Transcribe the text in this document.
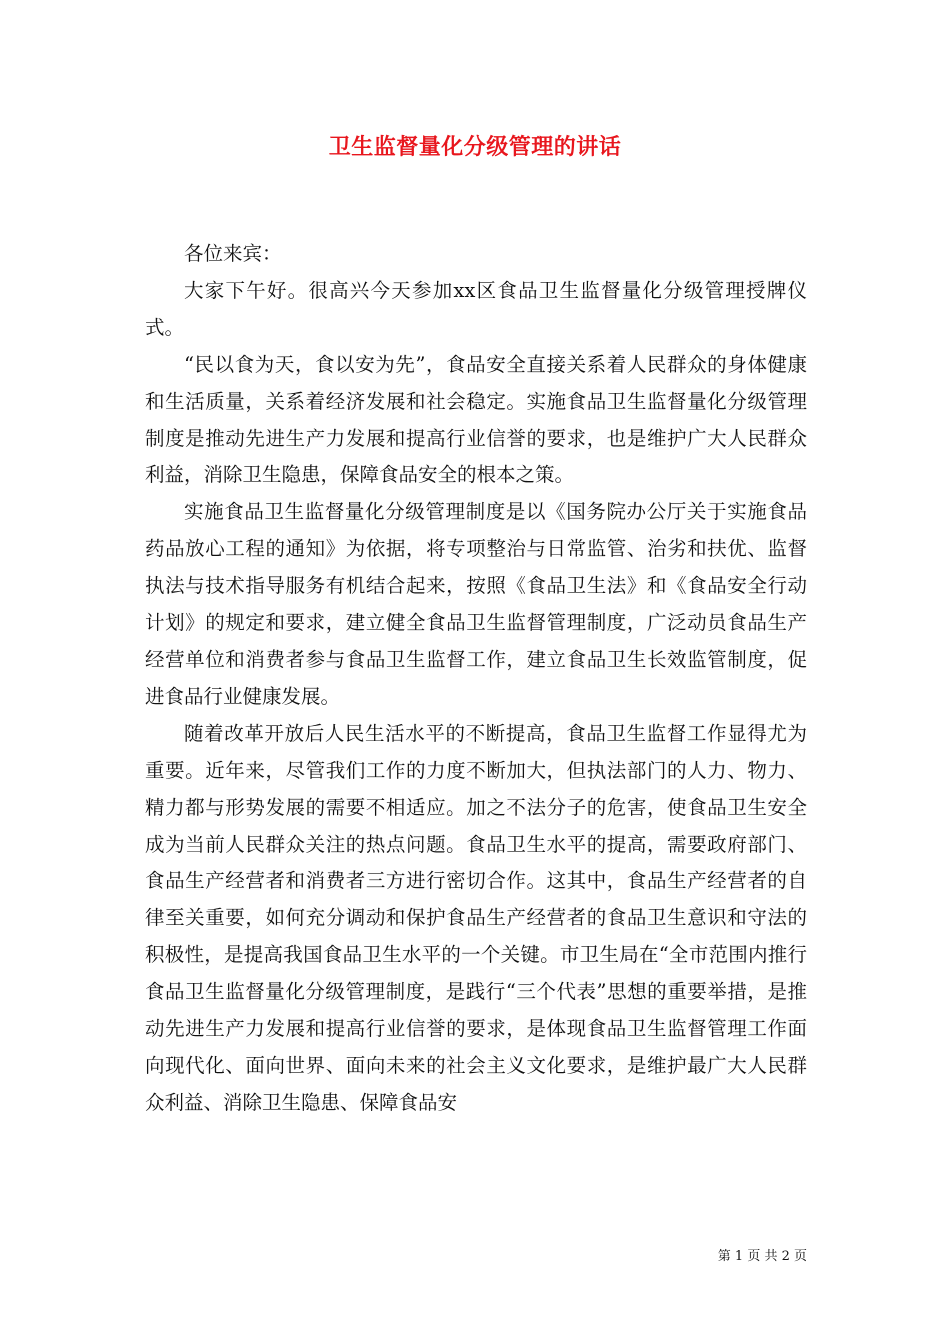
卫生监督量化分级管理的讲话

各位来宾：

大家下午好。很高兴今天参加xx区食品卫生监督量化分级管理授牌仪式。

“民以食为天，食以安为先”，食品安全直接关系着人民群众的身体健康和生活质量，关系着经济发展和社会稳定。实施食品卫生监督量化分级管理制度是推动先进生产力发展和提高行业信誉的要求，也是维护广大人民群众利益，消除卫生隐患，保障食品安全的根本之策。

实施食品卫生监督量化分级管理制度是以《国务院办公厅关于实施食品药品放心工程的通知》为依据，将专项整治与日常监管、治劣和扶优、监督执法与技术指导服务有机结合起来，按照《食品卫生法》和《食品安全行动计划》的规定和要求，建立健全食品卫生监督管理制度，广泛动员食品生产经营单位和消费者参与食品卫生监督工作，建立食品卫生长效监管制度，促进食品行业健康发展。

随着改革开放后人民生活水平的不断提高，食品卫生监督工作显得尤为重要。近年来，尽管我们工作的力度不断加大，但执法部门的人力、物力、精力都与形势发展的需要不相适应。加之不法分子的危害，使食品卫生安全成为当前人民群众关注的热点问题。食品卫生水平的提高，需要政府部门、食品生产经营者和消费者三方进行密切合作。这其中，食品生产经营者的自律至关重要，如何充分调动和保护食品生产经营者的食品卫生意识和守法的积极性，是提高我国食品卫生水平的一个关键。市卫生局在“全市范围内推行食品卫生监督量化分级管理制度，是践行“三个代表”思想的重要举措，是推动先进生产力发展和提高行业信誉的要求，是体现食品卫生监督管理工作面向现代化、面向世界、面向未来的社会主义文化要求，是维护最广大人民群众利益、消除卫生隐患、保障食品安

第 1 页 共 2 页
